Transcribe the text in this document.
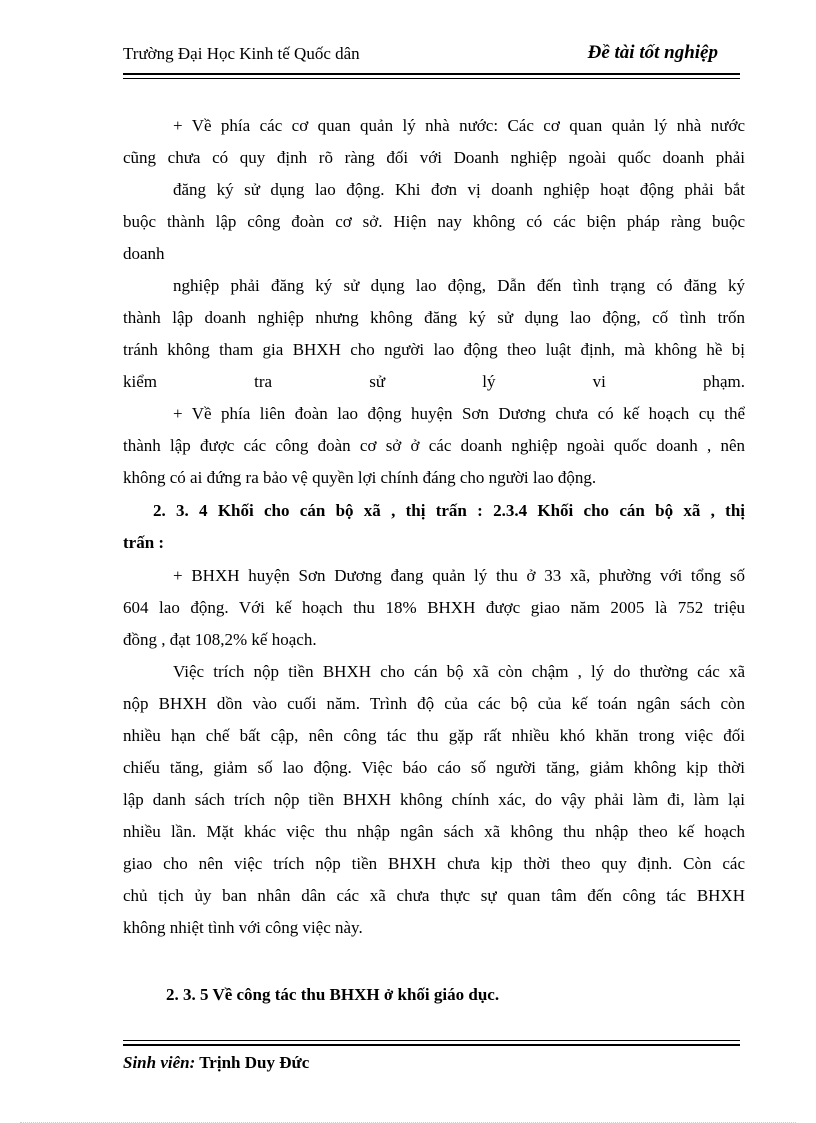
Trường Đại Học Kinh tế Quốc dân	Đề tài tốt nghiệp
+ Về phía các cơ quan quản lý nhà nước: Các cơ quan quản lý nhà nước
cũng chưa có quy định rõ ràng đối với Doanh nghiệp ngoài quốc doanh phải
đăng ký sử dụng lao động. Khi đơn vị doanh nghiệp hoạt động phải bắt
buộc thành lập công đoàn cơ sở. Hiện nay không có các biện pháp ràng buộc
doanh
nghiệp phải đăng ký sử dụng lao động, Dẫn đến tình trạng có đăng ký
thành lập doanh nghiệp nhưng không đăng ký sử dụng lao động, cố tình trốn
tránh không tham gia BHXH cho người lao động theo luật định, mà không hề bị
kiểm tra sử lý vi phạm.
+ Về phía liên đoàn lao động huyện Sơn Dương chưa có kế hoạch cụ thể
thành lập được các công đoàn cơ sở ở các doanh nghiệp ngoài quốc doanh , nên
không có ai đứng ra bảo vệ quyền lợi chính đáng cho người lao động.
2. 3. 4 Khối cho cán bộ xã , thị trấn : 2.3.4 Khối cho cán bộ xã , thị
trấn :
+ BHXH huyện Sơn Dương đang quản lý thu ở 33 xã, phường với tổng số
604 lao động. Với kế hoạch thu 18% BHXH được giao năm 2005 là 752 triệu
đồng , đạt 108,2% kế hoạch.
Việc trích nộp tiền BHXH cho cán bộ xã còn chậm , lý do thường các xã
nộp BHXH dồn vào cuối năm. Trình độ của các bộ của kế toán ngân sách còn
nhiều hạn chế bất cập, nên công tác thu gặp rất nhiều khó khăn trong việc đối
chiếu tăng, giảm số lao động. Việc báo cáo số người tăng, giảm không kịp thời
lập danh sách trích nộp tiền BHXH không chính xác, do vậy phải làm đi, làm lại
nhiều lần. Mặt khác việc thu nhập ngân sách xã không thu nhập theo kế hoạch
giao cho nên việc trích nộp tiền BHXH chưa kịp thời theo quy định. Còn các
chủ tịch ủy ban nhân dân các xã chưa thực sự quan tâm đến công tác BHXH
không nhiệt tình với công việc này.
2. 3. 5 Về công tác thu BHXH ở khối giáo dục.
Sinh viên: Trịnh Duy Đức
